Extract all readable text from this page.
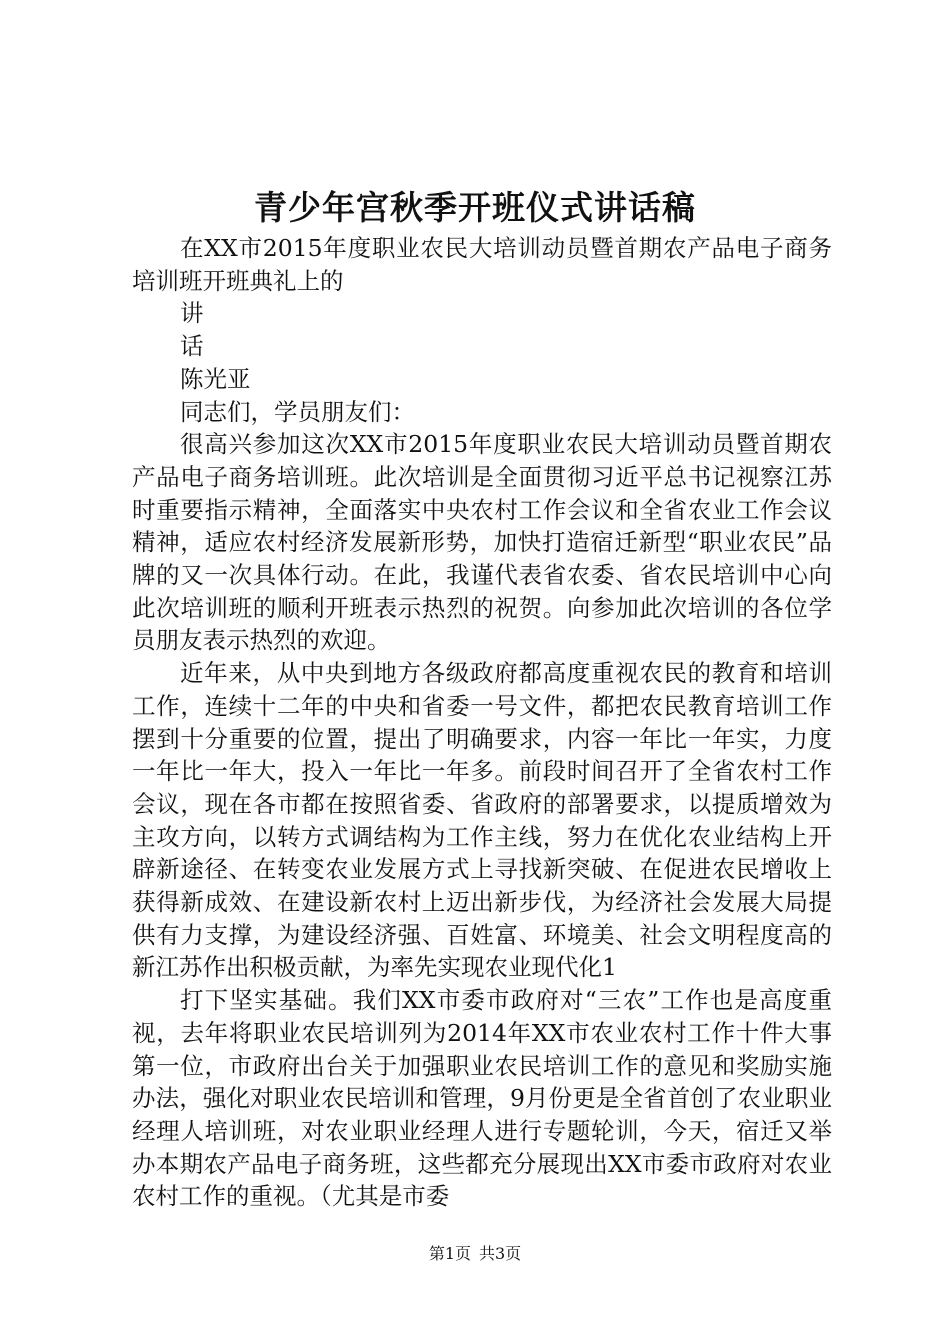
青少年宫秋季开班仪式讲话稿

在XX市2015年度职业农民大培训动员暨首期农产品电子商务培训班开班典礼上的

讲

话

陈光亚

同志们，学员朋友们：

很高兴参加这次XX市2015年度职业农民大培训动员暨首期农产品电子商务培训班。此次培训是全面贯彻习近平总书记视察江苏时重要指示精神，全面落实中央农村工作会议和全省农业工作会议精神，适应农村经济发展新形势，加快打造宿迁新型“职业农民”品牌的又一次具体行动。在此，我谨代表省农委、省农民培训中心向此次培训班的顺利开班表示热烈的祝贺。向参加此次培训的各位学员朋友表示热烈的欢迎。

近年来，从中央到地方各级政府都高度重视农民的教育和培训工作，连续十二年的中央和省委一号文件，都把农民教育培训工作摆到十分重要的位置，提出了明确要求，内容一年比一年实，力度一年比一年大，投入一年比一年多。前段时间召开了全省农村工作会议，现在各市都在按照省委、省政府的部署要求，以提质增效为主攻方向，以转方式调结构为工作主线，努力在优化农业结构上开辟新途径、在转变农业发展方式上寻找新突破、在促进农民增收上获得新成效、在建设新农村上迈出新步伐，为经济社会发展大局提供有力支撑，为建设经济强、百姓富、环境美、社会文明程度高的新江苏作出积极贡献，为率先实现农业现代化1

打下坚实基础。我们XX市委市政府对“三农”工作也是高度重视，去年将职业农民培训列为2014年XX市农业农村工作十件大事第一位，市政府出台关于加强职业农民培训工作的意见和奖励实施办法，强化对职业农民培训和管理，9月份更是全省首创了农业职业经理人培训班，对农业职业经理人进行专题轮训，今天，宿迁又举办本期农产品电子商务班，这些都充分展现出XX市委市政府对农业农村工作的重视。（尤其是市委

第1页 共3页
